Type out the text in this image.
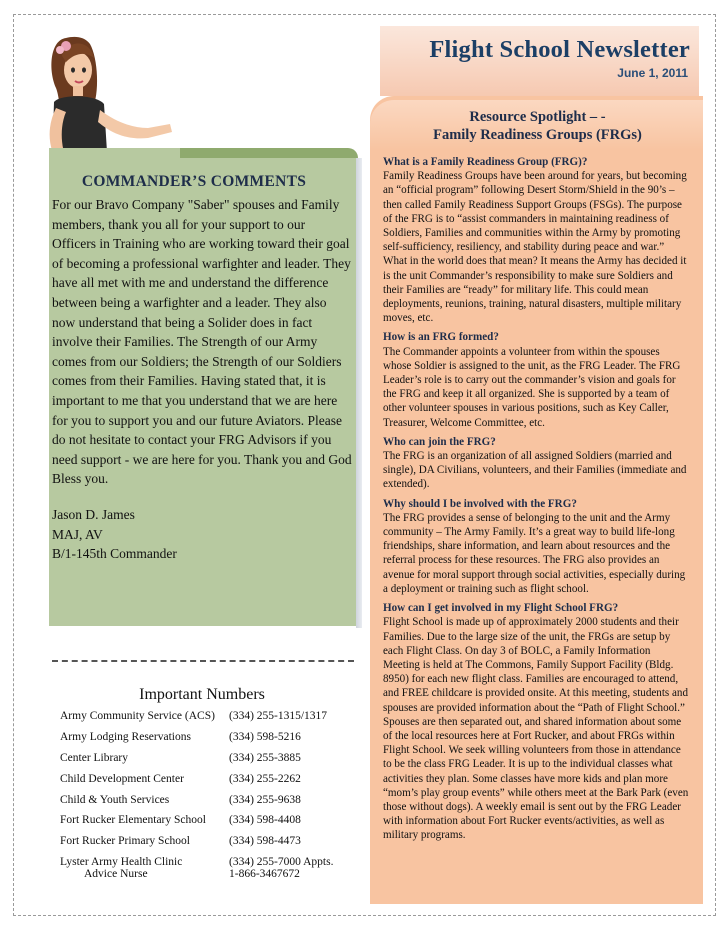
Flight School Newsletter
June 1, 2011
COMMANDER’S COMMENTS

For our Bravo Company "Saber" spouses and Family members, thank you all for your support to our Officers in Training who are working toward their goal of becoming a professional warfighter and leader. They have all met with me and understand the difference between being a warfighter and a leader. They also now understand that being a Solider does in fact involve their Families. The Strength of our Army comes from our Soldiers; the Strength of our Soldiers comes from their Families. Having stated that, it is important to me that you understand that we are here for you to support you and our future Aviators. Please do not hesitate to contact your FRG Advisors if you need support - we are here for you. Thank you and God Bless you.

Jason D. James

MAJ, AV

B/1-145th Commander

Important Numbers
Army Community Service (ACS)	(334) 255-1315/1317
Army Lodging Reservations	(334) 598-5216
Center Library	(334) 255-3885
Child Development Center	(334) 255-2262
Child & Youth Services	(334) 255-9638
Fort Rucker Elementary School	(334) 598-4408
Fort Rucker Primary School	(334) 598-4473
Lyster Army Health Clinic
Advice Nurse	(334) 255-7000 Appts.
1-866-3467672
Resource Spotlight – -
Family Readiness Groups (FRGs)
What is a Family Readiness Group (FRG)?
Family Readiness Groups have been around for years, but becoming an “official program” following Desert Storm/Shield in the 90’s – then called Family Readiness Support Groups (FSGs). The purpose of the FRG is to “assist commanders in maintaining readiness of Soldiers, Families and communities within the Army by promoting self-sufficiency, resiliency, and stability during peace and war.” What in the world does that mean? It means the Army has decided it is the unit Commander’s responsibility to make sure Soldiers and their Families are “ready” for military life. This could mean deployments, reunions, training, natural disasters, multiple military moves, etc.
How is an FRG formed?
The Commander appoints a volunteer from within the spouses whose Soldier is assigned to the unit, as the FRG Leader. The FRG Leader’s role is to carry out the commander’s vision and goals for the FRG and keep it all organized. She is supported by a team of other volunteer spouses in various positions, such as Key Caller, Treasurer, Welcome Committee, etc.
Who can join the FRG?
The FRG is an organization of all assigned Soldiers (married and single), DA Civilians, volunteers, and their Families (immediate and extended).
Why should I be involved with the FRG?
The FRG provides a sense of belonging to the unit and the Army community – The Army Family. It’s a great way to build life-long friendships, share information, and learn about resources and the referral process for these resources. The FRG also provides an avenue for moral support through social activities, especially during a deployment or training such as flight school.
How can I get involved in my Flight School FRG?
Flight School is made up of approximately 2000 students and their Families. Due to the large size of the unit, the FRGs are setup by each Flight Class. On day 3 of BOLC, a Family Information Meeting is held at The Commons, Family Support Facility (Bldg. 8950) for each new flight class. Families are encouraged to attend, and FREE childcare is provided onsite. At this meeting, students and spouses are provided information about the “Path of Flight School.” Spouses are then separated out, and shared information about some of the local resources here at Fort Rucker, and about FRGs within Flight School. We seek willing volunteers from those in attendance to be the class FRG Leader. It is up to the individual classes what activities they plan. Some classes have more kids and plan more “mom’s play group events” while others meet at the Bark Park (even those without dogs). A weekly email is sent out by the FRG Leader with information about Fort Rucker events/activities, as well as military programs.
